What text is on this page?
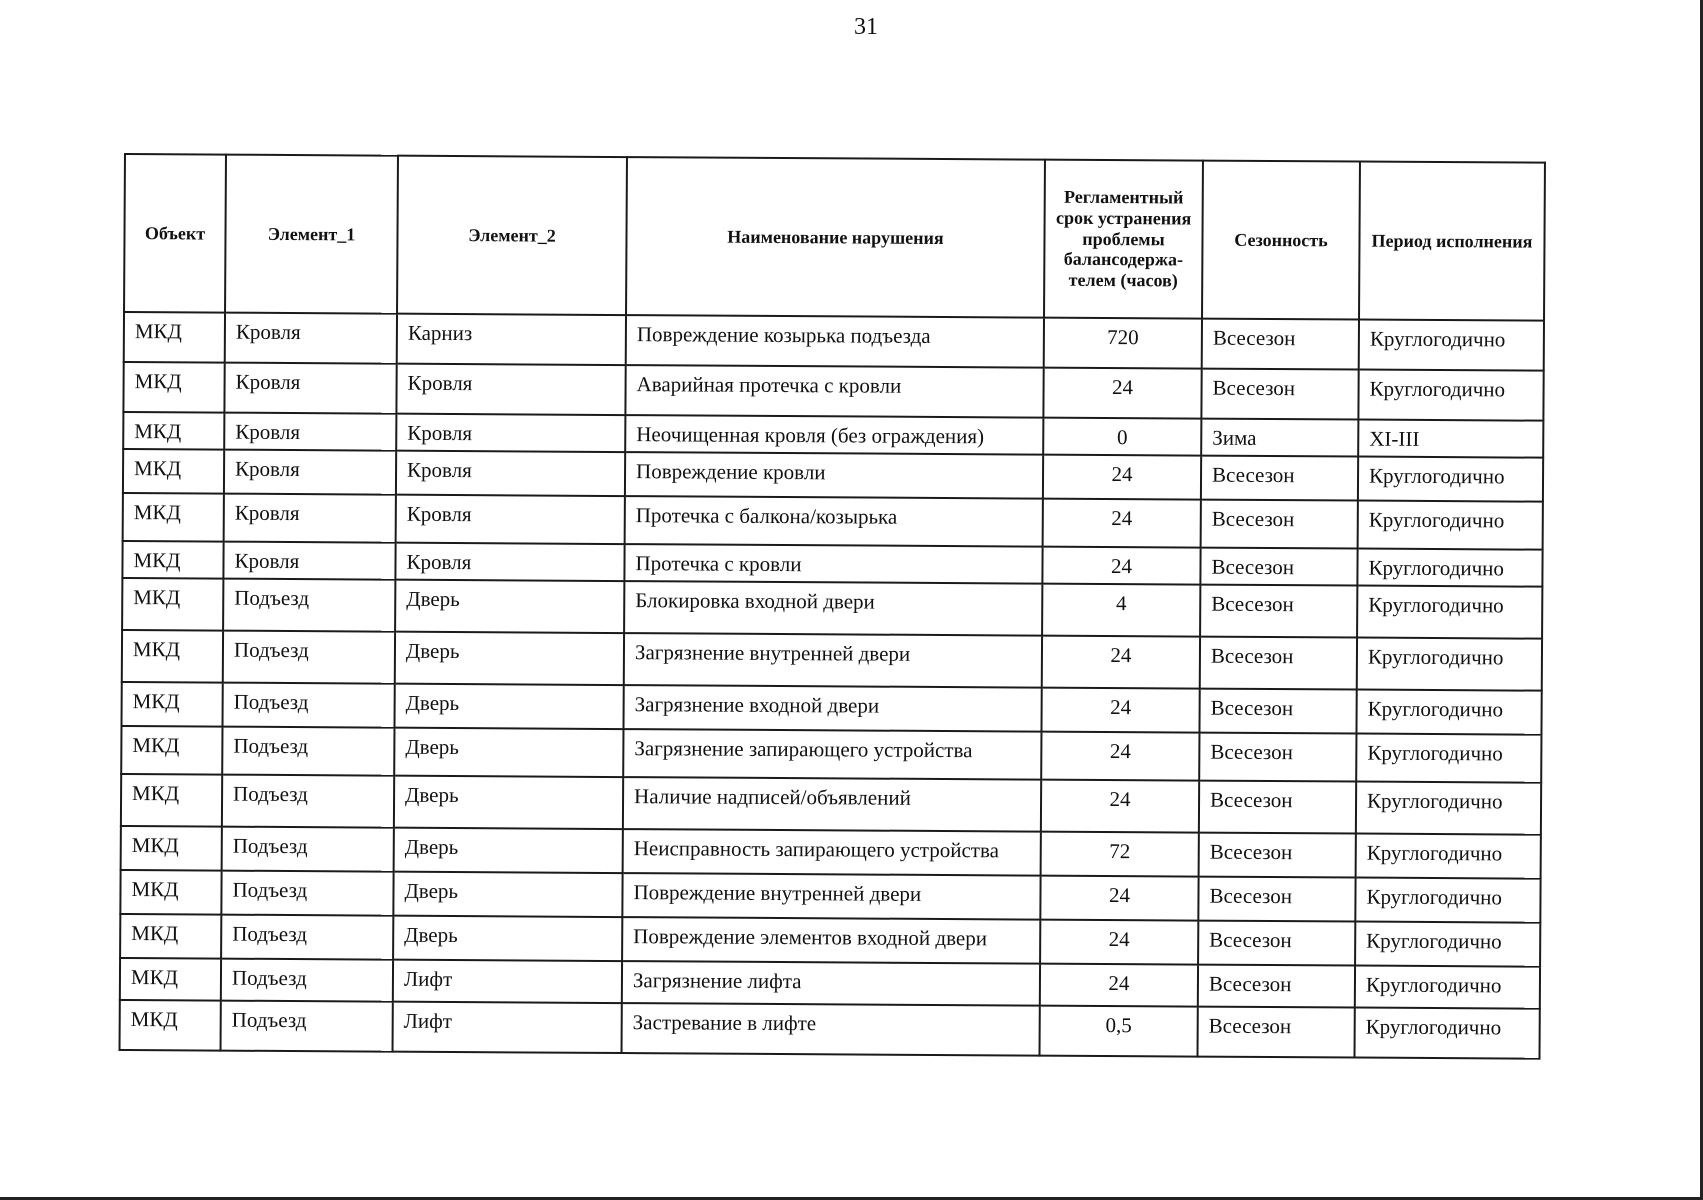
31
Объект	Элемент_1	Элемент_2	Наименование нарушения	Регламентный срок устранения проблемы балансодержа-телем (часов)	Сезонность	Период исполнения
МКД	Кровля	Карниз	Повреждение козырька подъезда	720	Всесезон	Круглогодично
МКД	Кровля	Кровля	Аварийная протечка с кровли	24	Всесезон	Круглогодично
МКД	Кровля	Кровля	Неочищенная кровля (без ограждения)	0	Зима	XI-III
МКД	Кровля	Кровля	Повреждение кровли	24	Всесезон	Круглогодично
МКД	Кровля	Кровля	Протечка с балкона/козырька	24	Всесезон	Круглогодично
МКД	Кровля	Кровля	Протечка с кровли	24	Всесезон	Круглогодично
МКД	Подъезд	Дверь	Блокировка входной двери	4	Всесезон	Круглогодично
МКД	Подъезд	Дверь	Загрязнение внутренней двери	24	Всесезон	Круглогодично
МКД	Подъезд	Дверь	Загрязнение входной двери	24	Всесезон	Круглогодично
МКД	Подъезд	Дверь	Загрязнение запирающего устройства	24	Всесезон	Круглогодично
МКД	Подъезд	Дверь	Наличие надписей/объявлений	24	Всесезон	Круглогодично
МКД	Подъезд	Дверь	Неисправность запирающего устройства	72	Всесезон	Круглогодично
МКД	Подъезд	Дверь	Повреждение внутренней двери	24	Всесезон	Круглогодично
МКД	Подъезд	Дверь	Повреждение элементов входной двери	24	Всесезон	Круглогодично
МКД	Подъезд	Лифт	Загрязнение лифта	24	Всесезон	Круглогодично
МКД	Подъезд	Лифт	Застревание в лифте	0,5	Всесезон	Круглогодично
